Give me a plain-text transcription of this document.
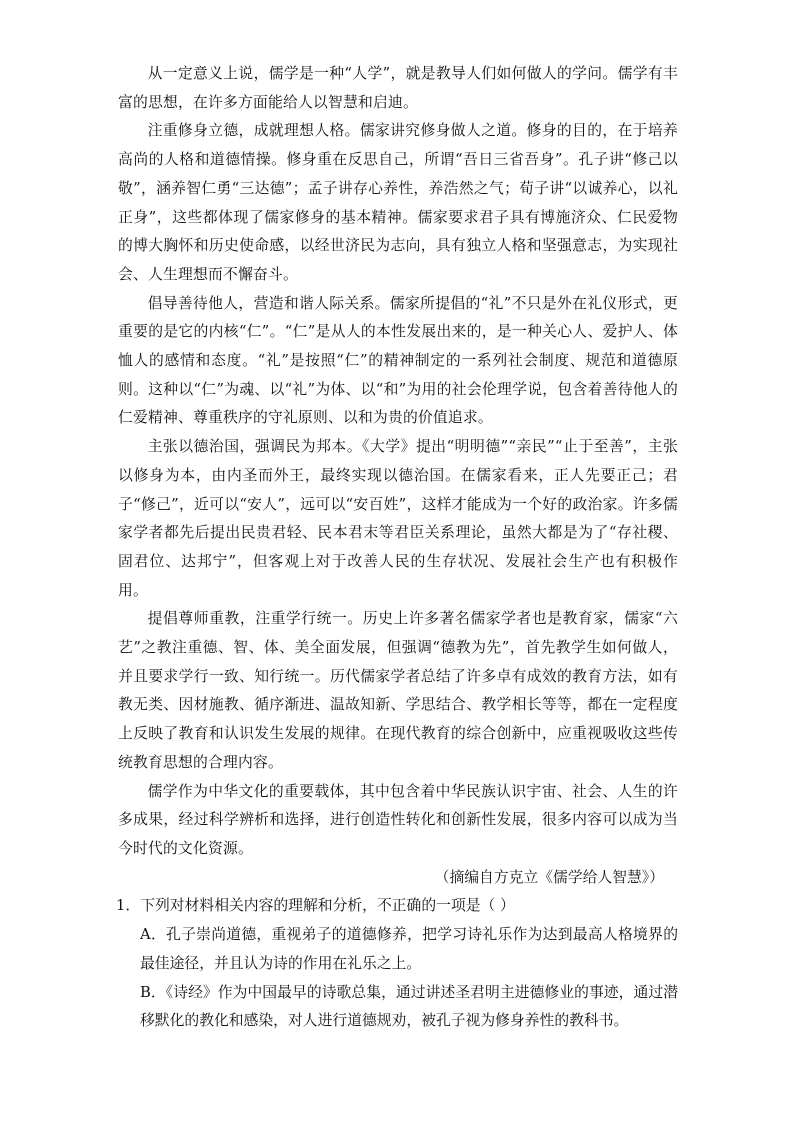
从一定意义上说，儒学是一种“人学”，就是教导人们如何做人的学问。儒学有丰富的思想，在许多方面能给人以智慧和启迪。

注重修身立德，成就理想人格。儒家讲究修身做人之道。修身的目的，在于培养高尚的人格和道德情操。修身重在反思自己，所谓“吾日三省吾身”。孔子讲“修己以敬”，涵养智仁勇“三达德”；孟子讲存心养性，养浩然之气；荀子讲“以诚养心，以礼正身”，这些都体现了儒家修身的基本精神。儒家要求君子具有博施济众、仁民爱物的博大胸怀和历史使命感，以经世济民为志向，具有独立人格和坚强意志，为实现社会、人生理想而不懈奋斗。

倡导善待他人，营造和谐人际关系。儒家所提倡的“礼”不只是外在礼仪形式，更重要的是它的内核“仁”。“仁”是从人的本性发展出来的，是一种关心人、爱护人、体恤人的感情和态度。“礼”是按照“仁”的精神制定的一系列社会制度、规范和道德原则。这种以“仁”为魂、以“礼”为体、以“和”为用的社会伦理学说，包含着善待他人的仁爱精神、尊重秩序的守礼原则、以和为贵的价值追求。

主张以德治国，强调民为邦本。《大学》提出“明明德”“亲民”“止于至善”，主张以修身为本，由内圣而外王，最终实现以德治国。在儒家看来，正人先要正己；君子“修己”，近可以“安人”，远可以“安百姓”，这样才能成为一个好的政治家。许多儒家学者都先后提出民贵君轻、民本君末等君臣关系理论，虽然大都是为了“存社稷、固君位、达邦宁”，但客观上对于改善人民的生存状况、发展社会生产也有积极作用。

提倡尊师重教，注重学行统一。历史上许多著名儒家学者也是教育家，儒家“六艺”之教注重德、智、体、美全面发展，但强调“德教为先”，首先教学生如何做人，并且要求学行一致、知行统一。历代儒家学者总结了许多卓有成效的教育方法，如有教无类、因材施教、循序渐进、温故知新、学思结合、教学相长等等，都在一定程度上反映了教育和认识发生发展的规律。在现代教育的综合创新中，应重视吸收这些传统教育思想的合理内容。

儒学作为中华文化的重要载体，其中包含着中华民族认识宇宙、社会、人生的许多成果，经过科学辨析和选择，进行创造性转化和创新性发展，很多内容可以成为当今时代的文化资源。

（摘编自方克立《儒学给人智慧》）

1．下列对材料相关内容的理解和分析，不正确的一项是（ ）

A．孔子崇尚道德，重视弟子的道德修养，把学习诗礼乐作为达到最高人格境界的最佳途径，并且认为诗的作用在礼乐之上。

B．《诗经》作为中国最早的诗歌总集，通过讲述圣君明主进德修业的事迹，通过潜移默化的教化和感染，对人进行道德规劝，被孔子视为修身养性的教科书。
